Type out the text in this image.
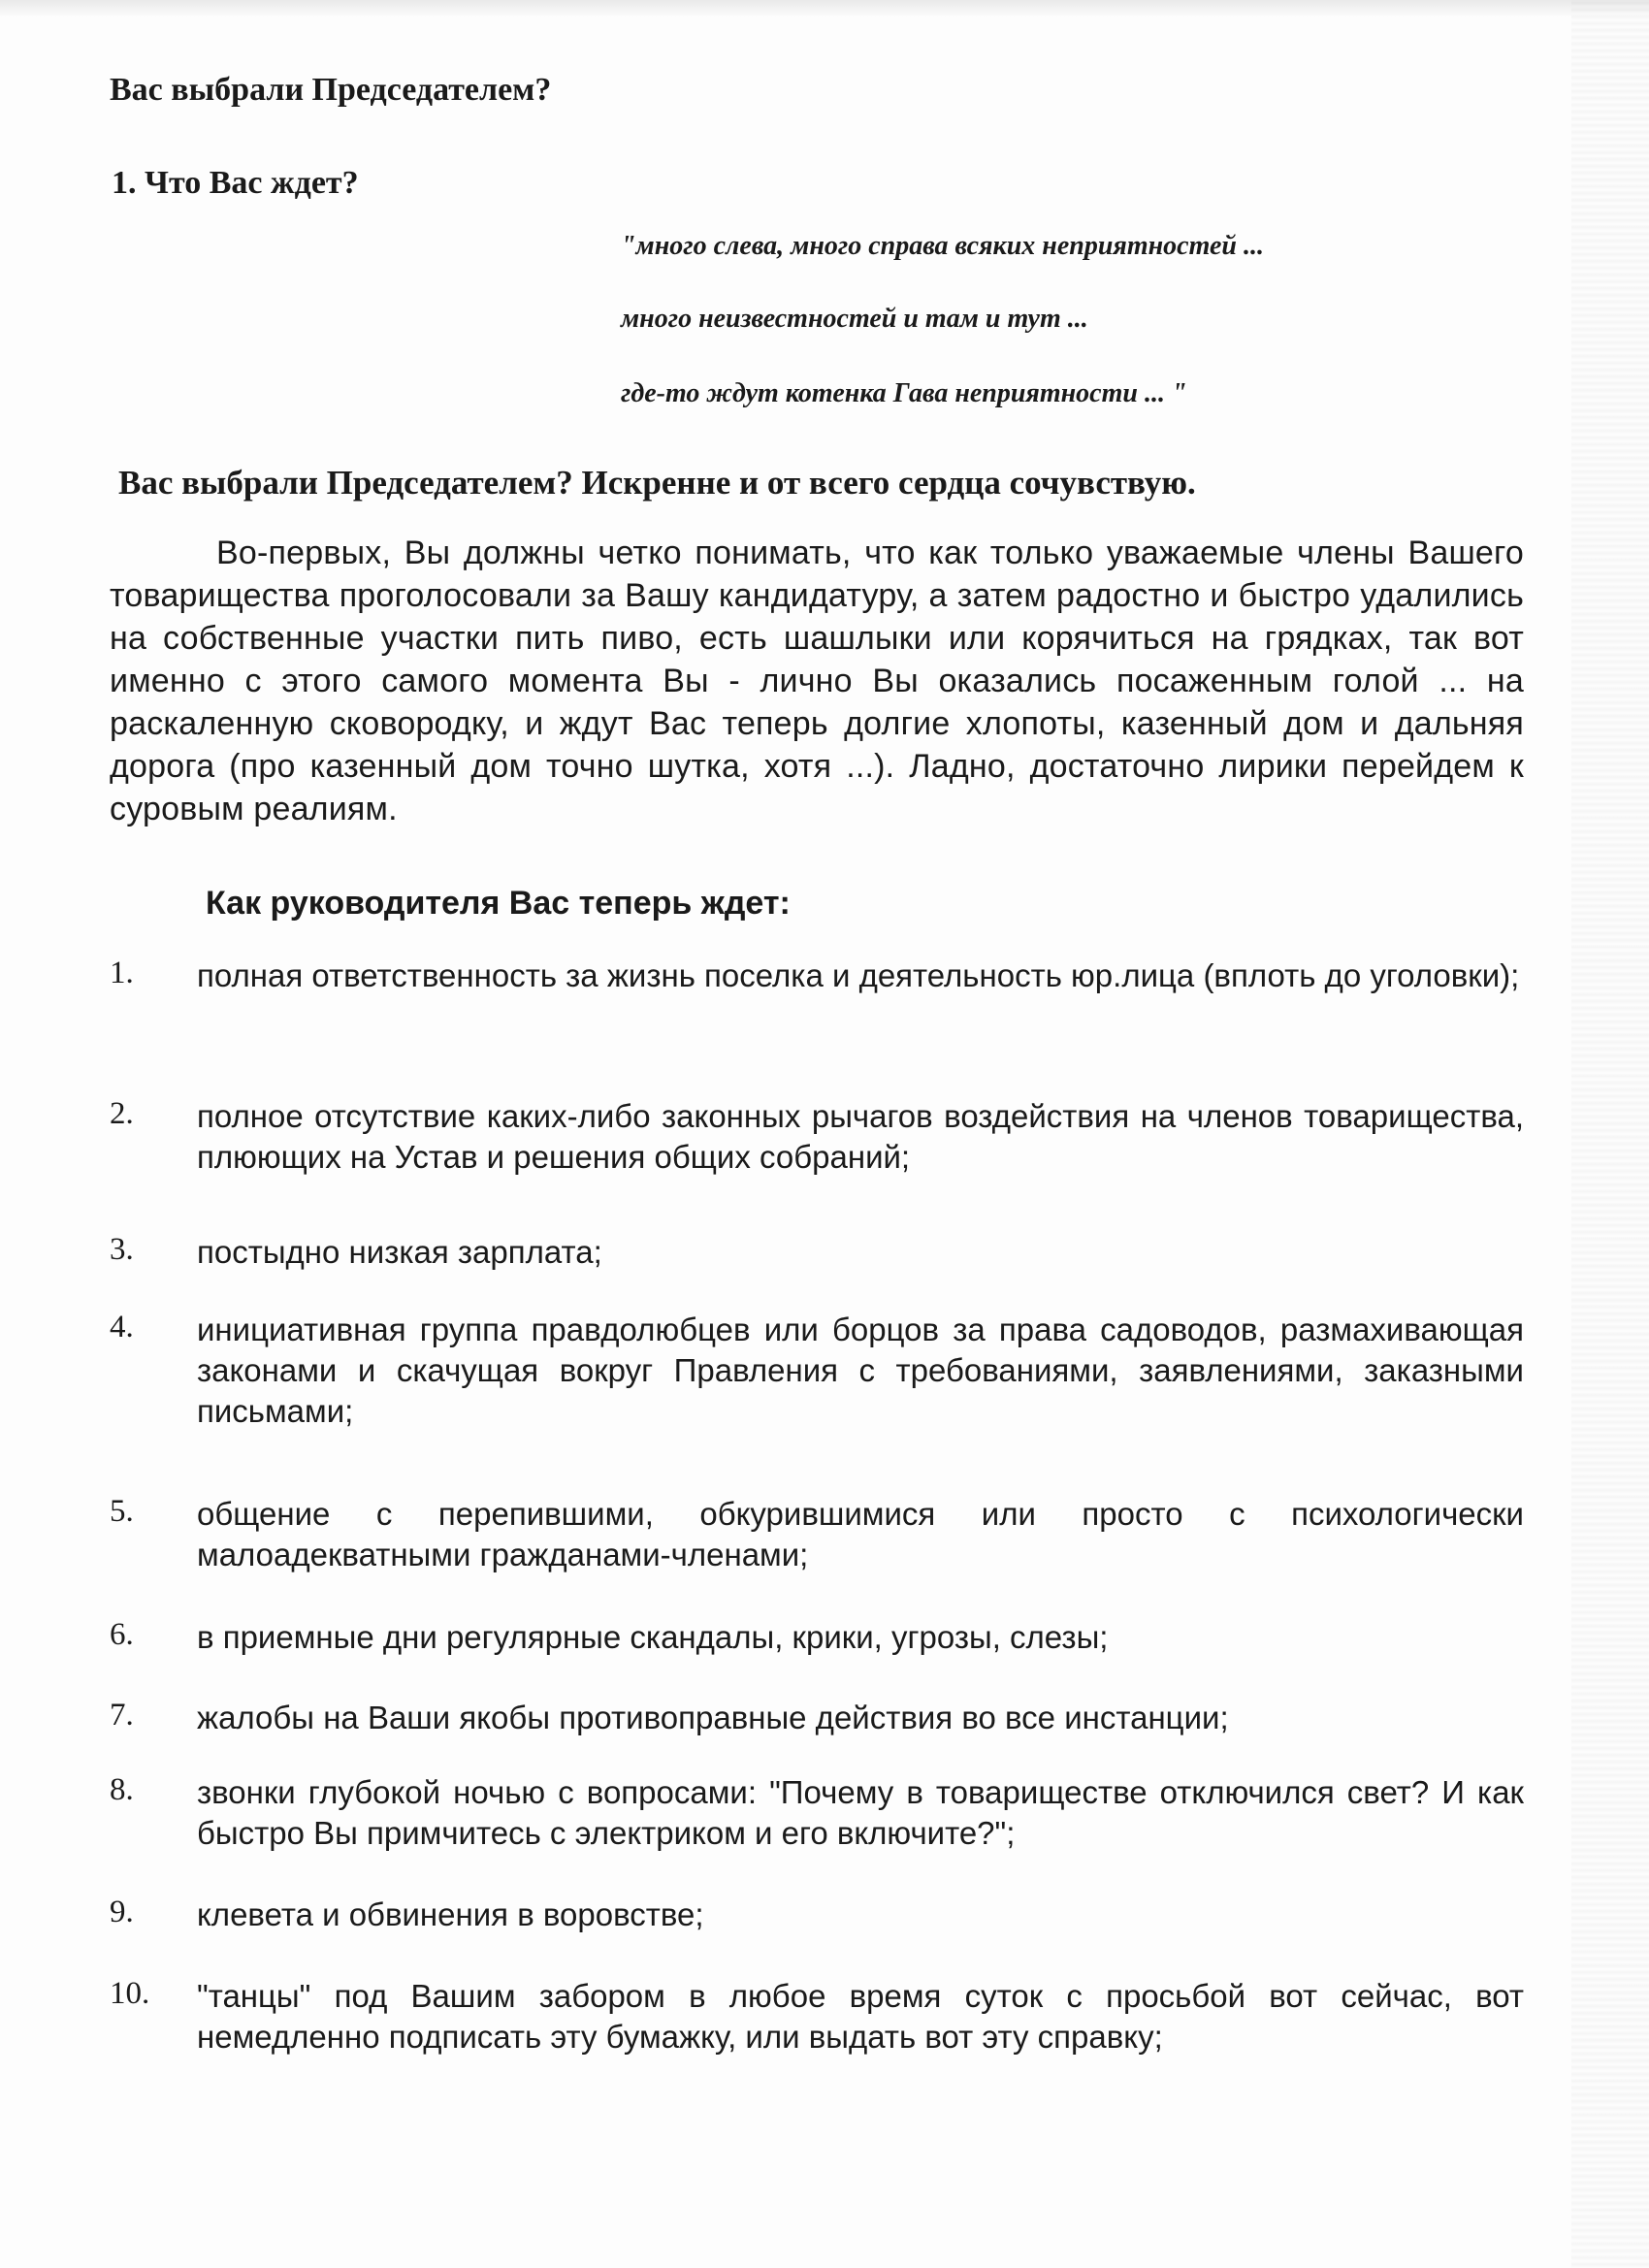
Вас выбрали Председателем?
1. Что Вас ждет?
"много слева, много справа всяких неприятностей ...
много неизвестностей и там и тут ...
где-то ждут котенка Гава неприятности ... "
Вас выбрали Председателем? Искренне и от всего сердца сочувствую.
Во-первых, Вы должны четко понимать, что как только уважаемые члены Вашего товарищества проголосовали за Вашу кандидатуру, а затем радостно и быстро удалились на собственные участки пить пиво, есть шашлыки или корячиться на грядках, так вот именно с этого самого момента Вы - лично Вы оказались посаженным голой ... на раскаленную сковородку, и ждут Вас теперь долгие хлопоты, казенный дом и дальняя дорога (про казенный дом точно шутка, хотя ...). Ладно, достаточно лирики перейдем к суровым реалиям.
Как руководителя Вас теперь ждет:
1. полная ответственность за жизнь поселка и деятельность юр.лица (вплоть до уголовки);
2. полное отсутствие каких-либо законных рычагов воздействия на членов товарищества, плюющих на Устав и решения общих собраний;
3. постыдно низкая зарплата;
4. инициативная группа правдолюбцев или борцов за права садоводов, размахивающая законами и скачущая вокруг Правления с требованиями, заявлениями, заказными письмами;
5. общение с перепившими, обкурившимися или просто с психологически малоадекватными гражданами-членами;
6. в приемные дни регулярные скандалы, крики, угрозы, слезы;
7. жалобы на Ваши якобы противоправные действия во все инстанции;
8. звонки глубокой ночью с вопросами: "Почему в товариществе отключился свет? И как быстро Вы примчитесь с электриком и его включите?";
9. клевета и обвинения в воровстве;
10. "танцы" под Вашим забором в любое время суток с просьбой вот сейчас, вот немедленно подписать эту бумажку, или выдать вот эту справку;
